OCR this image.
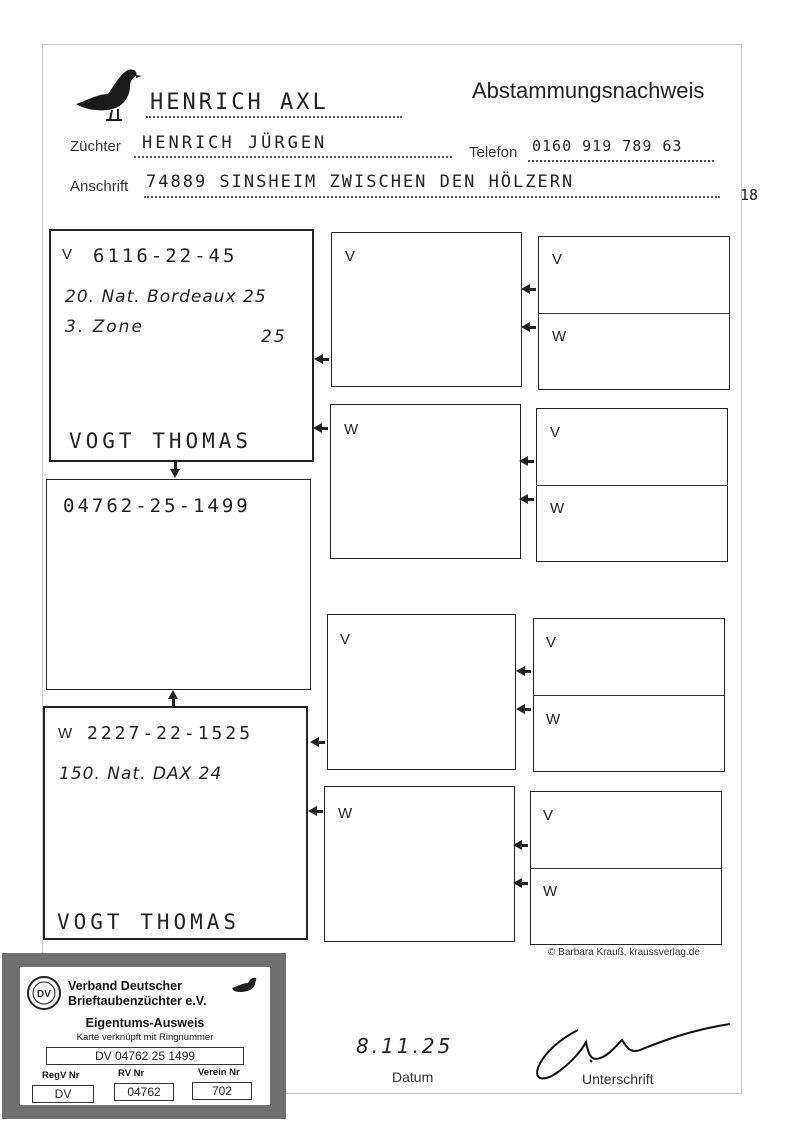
HENRICH AXL	Abstammungsnachweis
Züchter HENRICH JÜRGEN	Telefon 0160 919 789 63
Anschrift 74889 SINSHEIM ZWISCHEN DEN HÖLZERN
18
V 6116-22-45
20. Nat. Bordeaux 25
3. Zone	25
VOGT THOMAS
04762-25-1499
W 2227-22-1525
150. Nat. DAX 24
VOGT THOMAS
V
W
V
W
V
W
V
W
V
W
V
W
© Barbara Krauß, kraussverlag.de
8.11.25
Datum	Unterschrift
DV
Verband Deutscher
Brieftaubenzüchter e.V.
Eigentums-Ausweis
Karte verknüpft mit Ringnummer
DV 04762 25 1499
RegV Nr	RV Nr	Verein Nr
DV	04762	702
